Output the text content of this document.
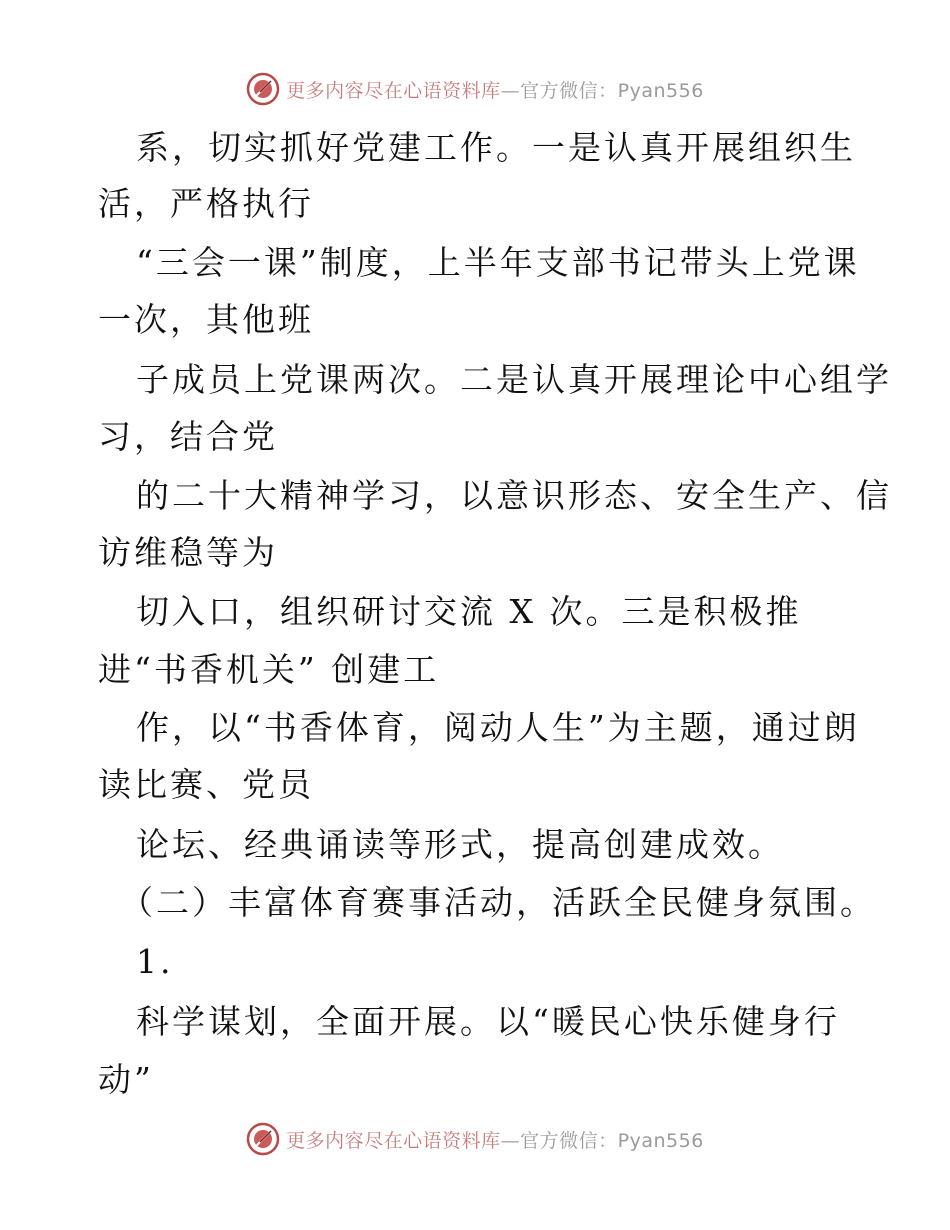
更多内容尽在心语资料库—官方微信：Pyan556
系，切实抓好党建工作。一是认真开展组织生
活，严格执行
“三会一课”制度，上半年支部书记带头上党课
一次，其他班
子成员上党课两次。二是认真开展理论中心组学
习，结合党
的二十大精神学习，以意识形态、安全生产、信
访维稳等为
切入口，组织研讨交流 X 次。三是积极推
进“书香机关” 创建工
作，以“书香体育，阅动人生”为主题，通过朗
读比赛、党员
论坛、经典诵读等形式，提高创建成效。
（二）丰富体育赛事活动，活跃全民健身氛围。
1.
科学谋划，全面开展。以“暖民心快乐健身行
动”
更多内容尽在心语资料库—官方微信：Pyan556
